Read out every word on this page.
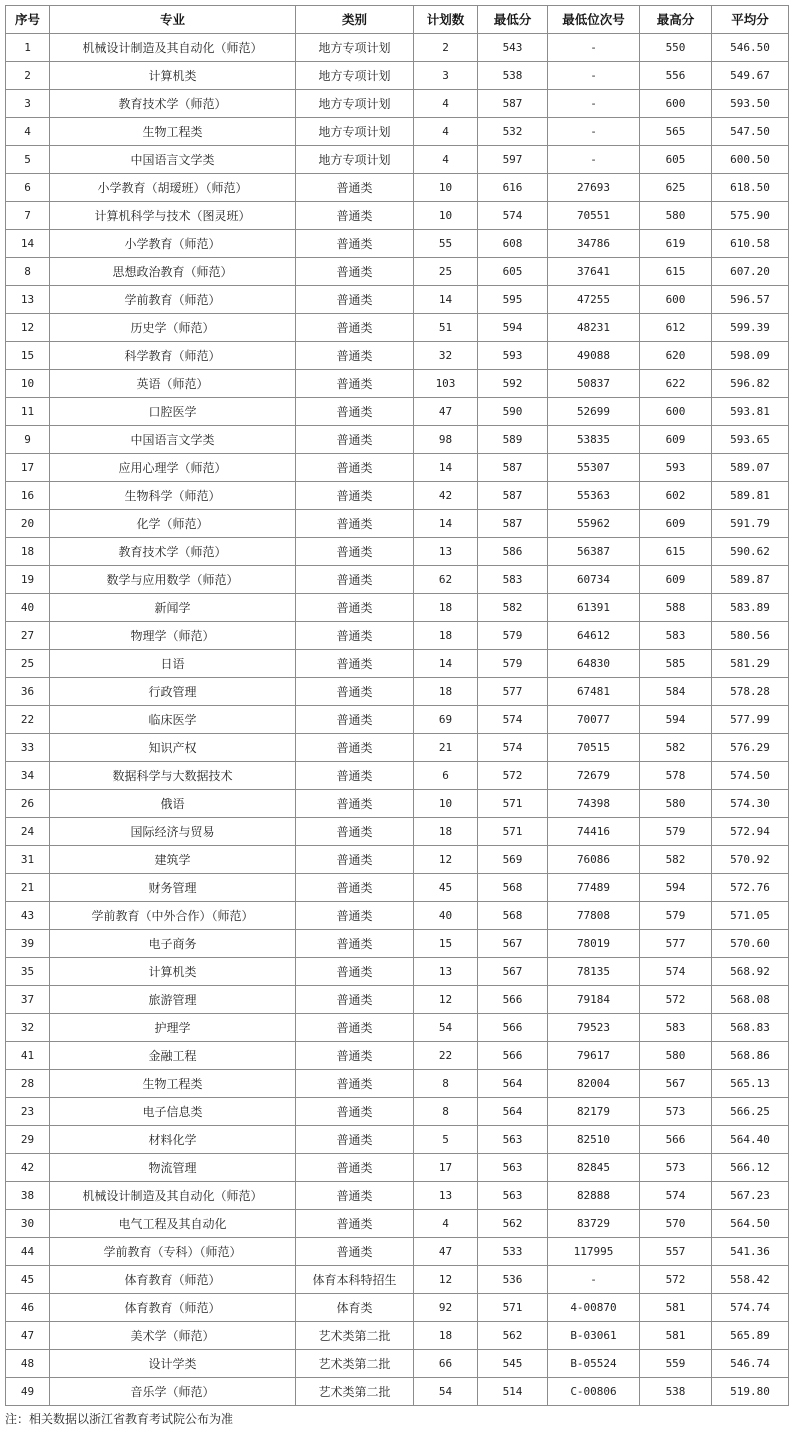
序号	专业	类别	计划数	最低分	最低位次号	最高分	平均分
1	机械设计制造及其自动化（师范）	地方专项计划	2	543	-	550	546.50
2	计算机类	地方专项计划	3	538	-	556	549.67
3	教育技术学（师范）	地方专项计划	4	587	-	600	593.50
4	生物工程类	地方专项计划	4	532	-	565	547.50
5	中国语言文学类	地方专项计划	4	597	-	605	600.50
6	小学教育（胡瑷班）（师范）	普通类	10	616	27693	625	618.50
7	计算机科学与技术（图灵班）	普通类	10	574	70551	580	575.90
14	小学教育（师范）	普通类	55	608	34786	619	610.58
8	思想政治教育（师范）	普通类	25	605	37641	615	607.20
13	学前教育（师范）	普通类	14	595	47255	600	596.57
12	历史学（师范）	普通类	51	594	48231	612	599.39
15	科学教育（师范）	普通类	32	593	49088	620	598.09
10	英语（师范）	普通类	103	592	50837	622	596.82
11	口腔医学	普通类	47	590	52699	600	593.81
9	中国语言文学类	普通类	98	589	53835	609	593.65
17	应用心理学（师范）	普通类	14	587	55307	593	589.07
16	生物科学（师范）	普通类	42	587	55363	602	589.81
20	化学（师范）	普通类	14	587	55962	609	591.79
18	教育技术学（师范）	普通类	13	586	56387	615	590.62
19	数学与应用数学（师范）	普通类	62	583	60734	609	589.87
40	新闻学	普通类	18	582	61391	588	583.89
27	物理学（师范）	普通类	18	579	64612	583	580.56
25	日语	普通类	14	579	64830	585	581.29
36	行政管理	普通类	18	577	67481	584	578.28
22	临床医学	普通类	69	574	70077	594	577.99
33	知识产权	普通类	21	574	70515	582	576.29
34	数据科学与大数据技术	普通类	6	572	72679	578	574.50
26	俄语	普通类	10	571	74398	580	574.30
24	国际经济与贸易	普通类	18	571	74416	579	572.94
31	建筑学	普通类	12	569	76086	582	570.92
21	财务管理	普通类	45	568	77489	594	572.76
43	学前教育（中外合作）（师范）	普通类	40	568	77808	579	571.05
39	电子商务	普通类	15	567	78019	577	570.60
35	计算机类	普通类	13	567	78135	574	568.92
37	旅游管理	普通类	12	566	79184	572	568.08
32	护理学	普通类	54	566	79523	583	568.83
41	金融工程	普通类	22	566	79617	580	568.86
28	生物工程类	普通类	8	564	82004	567	565.13
23	电子信息类	普通类	8	564	82179	573	566.25
29	材料化学	普通类	5	563	82510	566	564.40
42	物流管理	普通类	17	563	82845	573	566.12
38	机械设计制造及其自动化（师范）	普通类	13	563	82888	574	567.23
30	电气工程及其自动化	普通类	4	562	83729	570	564.50
44	学前教育（专科）（师范）	普通类	47	533	117995	557	541.36
45	体育教育（师范）	体育本科特招生	12	536	-	572	558.42
46	体育教育（师范）	体育类	92	571	4-00870	581	574.74
47	美术学（师范）	艺术类第二批	18	562	B-03061	581	565.89
48	设计学类	艺术类第二批	66	545	B-05524	559	546.74
49	音乐学（师范）	艺术类第二批	54	514	C-00806	538	519.80
注：相关数据以浙江省教育考试院公布为准
